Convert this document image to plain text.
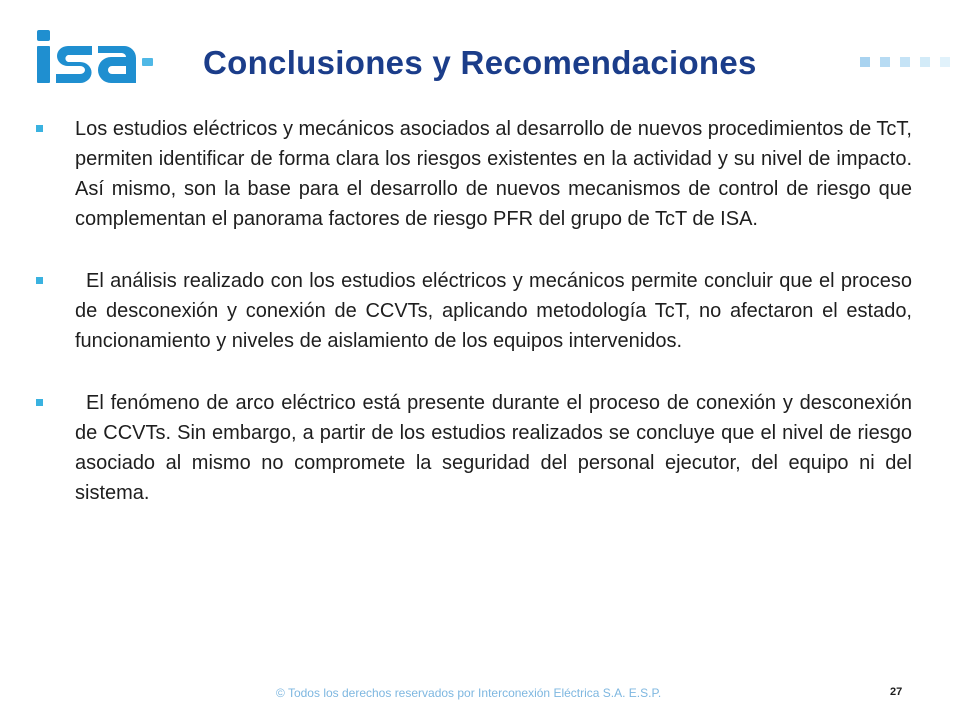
Conclusiones y Recomendaciones
Los estudios eléctricos y mecánicos asociados al desarrollo de nuevos procedimientos de TcT, permiten identificar de forma clara los riesgos existentes en la actividad y su nivel de impacto. Así mismo, son la base para el desarrollo de nuevos mecanismos de control de riesgo que complementan el panorama factores de riesgo PFR del grupo de TcT de ISA.
El análisis realizado con los estudios eléctricos y mecánicos permite concluir que el proceso de desconexión y conexión de CCVTs, aplicando metodología TcT, no afectaron el estado, funcionamiento y niveles de aislamiento de los equipos intervenidos.
El fenómeno de arco eléctrico está presente durante el proceso de conexión y desconexión de CCVTs. Sin embargo, a partir de los estudios realizados se concluye que el nivel de riesgo asociado al mismo no compromete la seguridad del personal ejecutor, del equipo ni del sistema.
© Todos los derechos reservados por Interconexión Eléctrica S.A. E.S.P.	27
